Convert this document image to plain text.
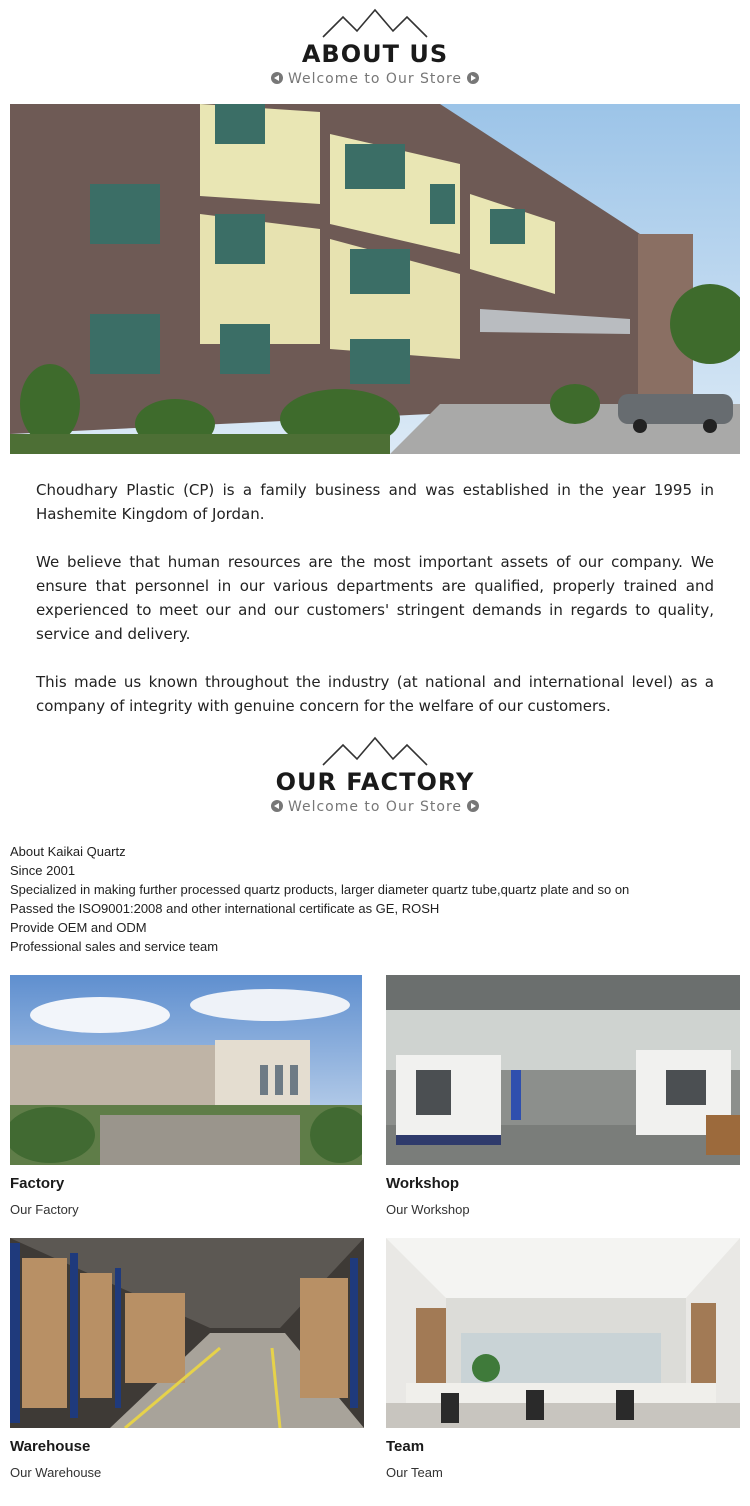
ABOUT US
Welcome to Our Store

Choudhary Plastic (CP) is a family business and was established in the year 1995 in Hashemite Kingdom of Jordan.

We believe that human resources are the most important assets of our company. We ensure that personnel in our various departments are qualified, properly trained and experienced to meet our and our customers' stringent demands in regards to quality, service and delivery.

This made us known throughout the industry (at national and international level) as a company of integrity with genuine concern for the welfare of our customers.

OUR FACTORY
Welcome to Our Store
About Kaikai Quartz
Since 2001
Specialized in making further processed quartz products, larger diameter quartz tube,quartz plate and so on
Passed the ISO9001:2008 and other international certificate as GE, ROSH
Provide OEM and ODM
Professional sales and service team
Factory
Our Factory
Workshop
Our Workshop
Warehouse
Our Warehouse
Team
Our Team
